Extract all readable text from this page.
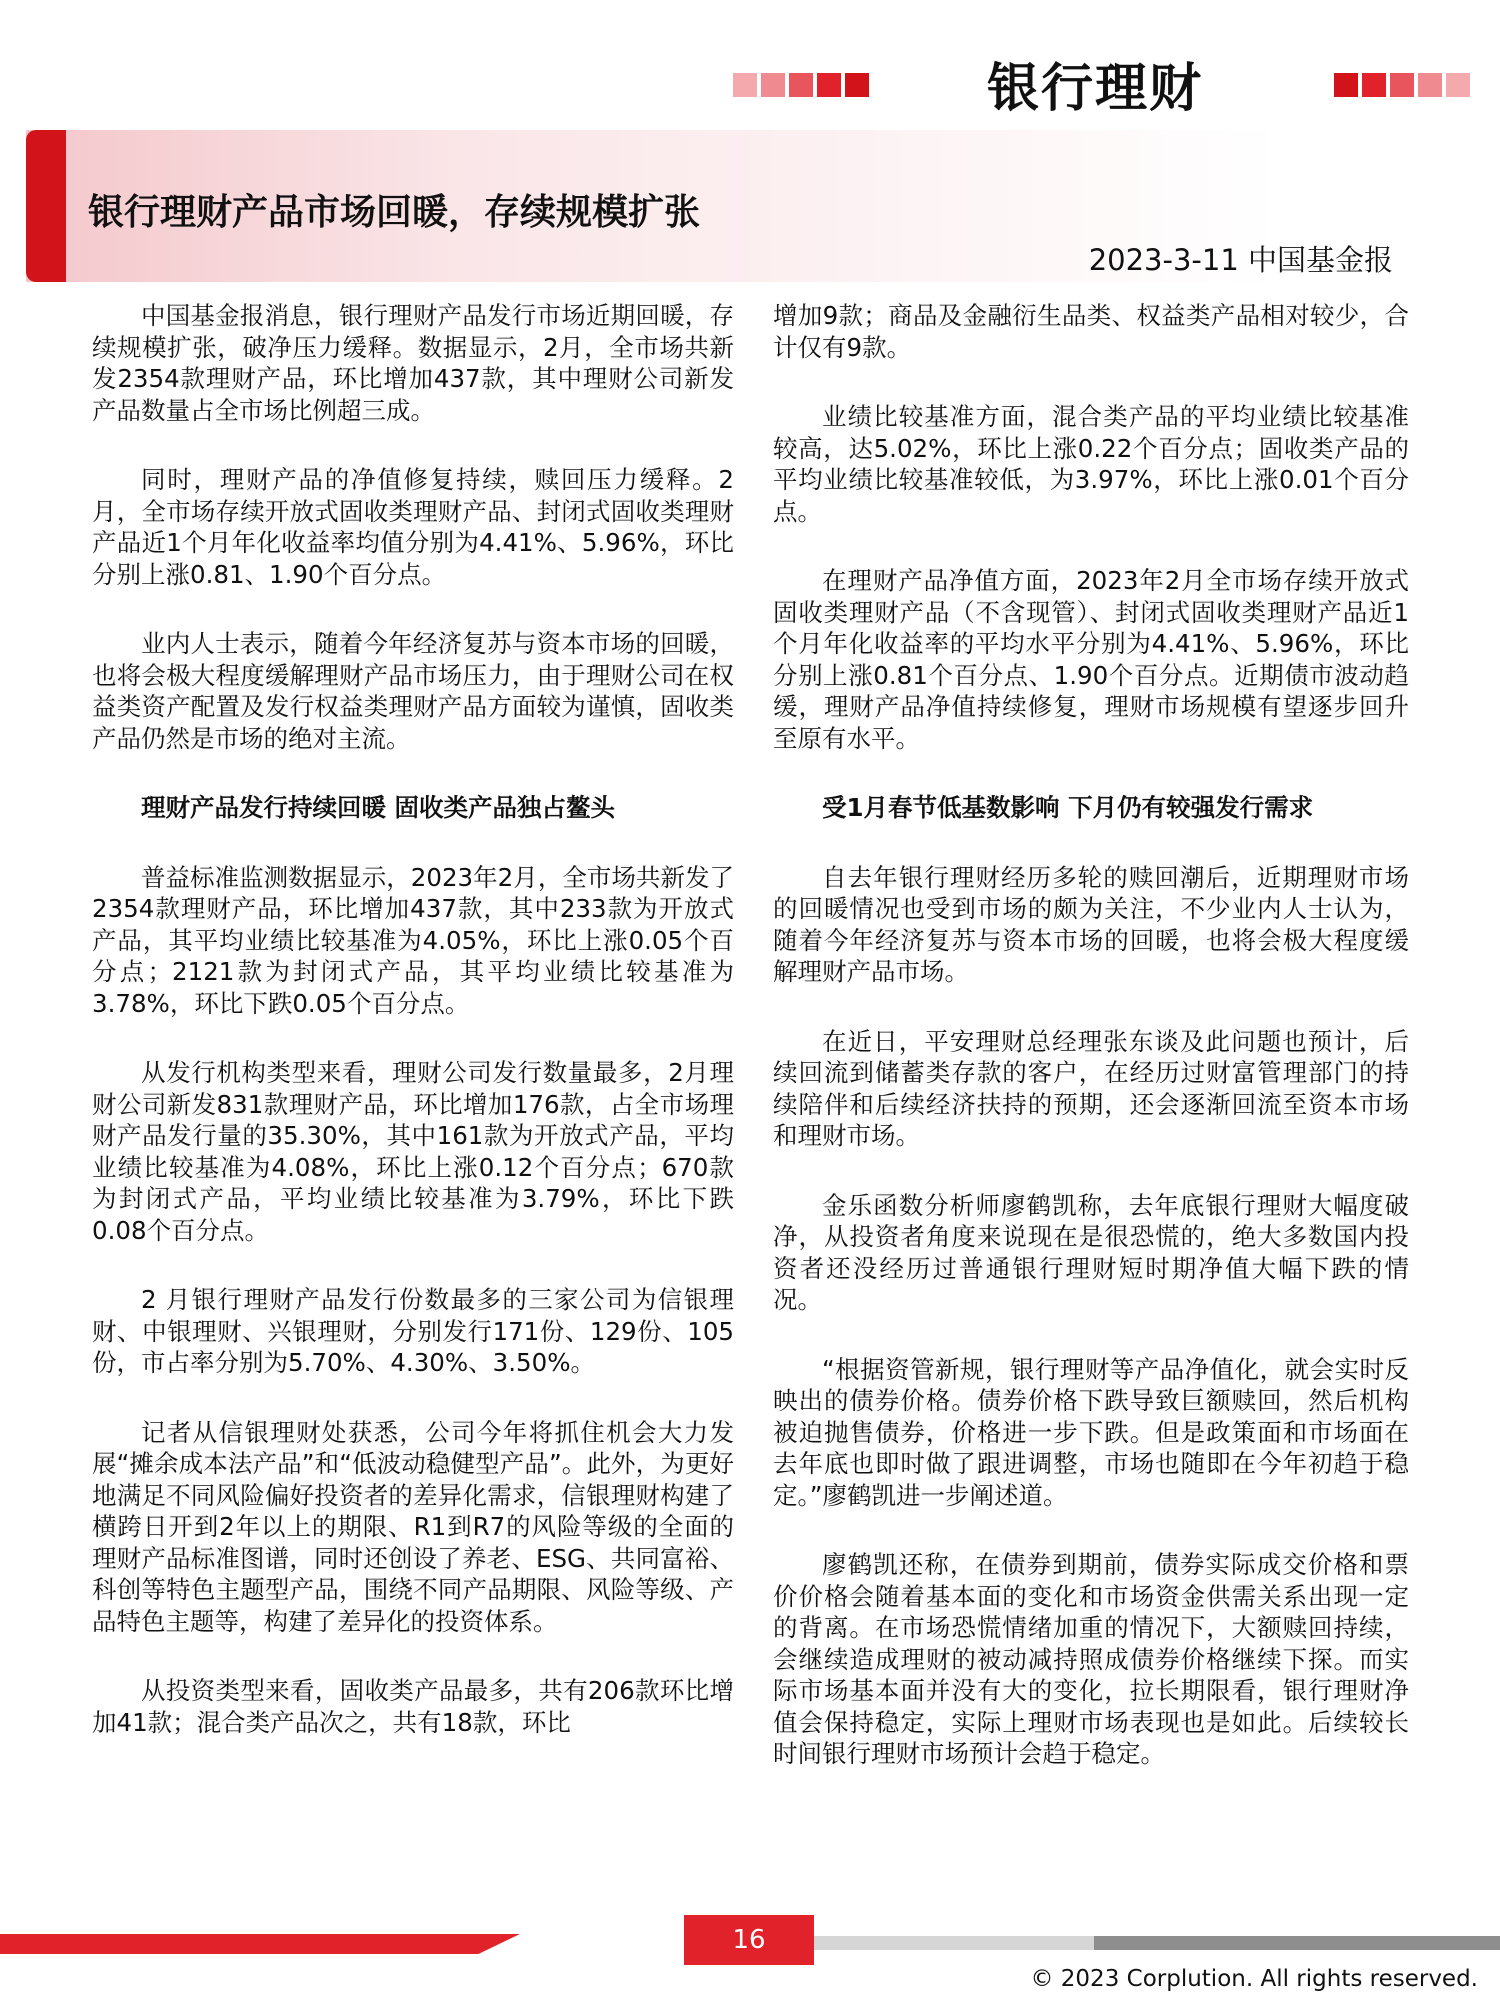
银行理财
银行理财产品市场回暖，存续规模扩张
2023-3-11 中国基金报

中国基金报消息，银行理财产品发行市场近期回暖，存续规模扩张，破净压力缓释。数据显示，2月，全市场共新发2354款理财产品，环比增加437款，其中理财公司新发产品数量占全市场比例超三成。

同时，理财产品的净值修复持续，赎回压力缓释。2月，全市场存续开放式固收类理财产品、封闭式固收类理财产品近1个月年化收益率均值分别为4.41%、5.96%，环比分别上涨0.81、1.90个百分点。

业内人士表示，随着今年经济复苏与资本市场的回暖，也将会极大程度缓解理财产品市场压力，由于理财公司在权益类资产配置及发行权益类理财产品方面较为谨慎，固收类产品仍然是市场的绝对主流。

理财产品发行持续回暖 固收类产品独占鳌头

普益标准监测数据显示，2023年2月，全市场共新发了2354款理财产品，环比增加437款，其中233款为开放式产品，其平均业绩比较基准为4.05%，环比上涨0.05个百分点；2121款为封闭式产品，其平均业绩比较基准为3.78%，环比下跌0.05个百分点。

从发行机构类型来看，理财公司发行数量最多，2月理财公司新发831款理财产品，环比增加176款，占全市场理财产品发行量的35.30%，其中161款为开放式产品，平均业绩比较基准为4.08%，环比上涨0.12个百分点；670款为封闭式产品，平均业绩比较基准为3.79%，环比下跌0.08个百分点。

2 月银行理财产品发行份数最多的三家公司为信银理财、中银理财、兴银理财，分别发行171份、129份、105份，市占率分别为5.70%、4.30%、3.50%。

记者从信银理财处获悉，公司今年将抓住机会大力发展“摊余成本法产品”和“低波动稳健型产品”。此外，为更好地满足不同风险偏好投资者的差异化需求，信银理财构建了横跨日开到2年以上的期限、R1到R7的风险等级的全面的理财产品标准图谱，同时还创设了养老、ESG、共同富裕、科创等特色主题型产品，围绕不同产品期限、风险等级、产品特色主题等，构建了差异化的投资体系。

从投资类型来看，固收类产品最多，共有206款环比增加41款；混合类产品次之，共有18款，环比

增加9款；商品及金融衍生品类、权益类产品相对较少，合计仅有9款。

业绩比较基准方面，混合类产品的平均业绩比较基准较高，达5.02%，环比上涨0.22个百分点；固收类产品的平均业绩比较基准较低，为3.97%，环比上涨0.01个百分点。

在理财产品净值方面，2023年2月全市场存续开放式固收类理财产品（不含现管）、封闭式固收类理财产品近1个月年化收益率的平均水平分别为4.41%、5.96%，环比分别上涨0.81个百分点、1.90个百分点。近期债市波动趋缓，理财产品净值持续修复，理财市场规模有望逐步回升至原有水平。

受1月春节低基数影响 下月仍有较强发行需求

自去年银行理财经历多轮的赎回潮后，近期理财市场的回暖情况也受到市场的颇为关注，不少业内人士认为，随着今年经济复苏与资本市场的回暖，也将会极大程度缓解理财产品市场。

在近日，平安理财总经理张东谈及此问题也预计，后续回流到储蓄类存款的客户，在经历过财富管理部门的持续陪伴和后续经济扶持的预期，还会逐渐回流至资本市场和理财市场。

金乐函数分析师廖鹤凯称，去年底银行理财大幅度破净，从投资者角度来说现在是很恐慌的，绝大多数国内投资者还没经历过普通银行理财短时期净值大幅下跌的情况。

“根据资管新规，银行理财等产品净值化，就会实时反映出的债券价格。债券价格下跌导致巨额赎回，然后机构被迫抛售债券，价格进一步下跌。但是政策面和市场面在去年底也即时做了跟进调整，市场也随即在今年初趋于稳定。”廖鹤凯进一步阐述道。

廖鹤凯还称，在债券到期前，债券实际成交价格和票价价格会随着基本面的变化和市场资金供需关系出现一定的背离。在市场恐慌情绪加重的情况下，大额赎回持续，会继续造成理财的被动减持照成债券价格继续下探。而实际市场基本面并没有大的变化，拉长期限看，银行理财净值会保持稳定，实际上理财市场表现也是如此。后续较长时间银行理财市场预计会趋于稳定。

16
© 2023 Corplution. All rights reserved.
